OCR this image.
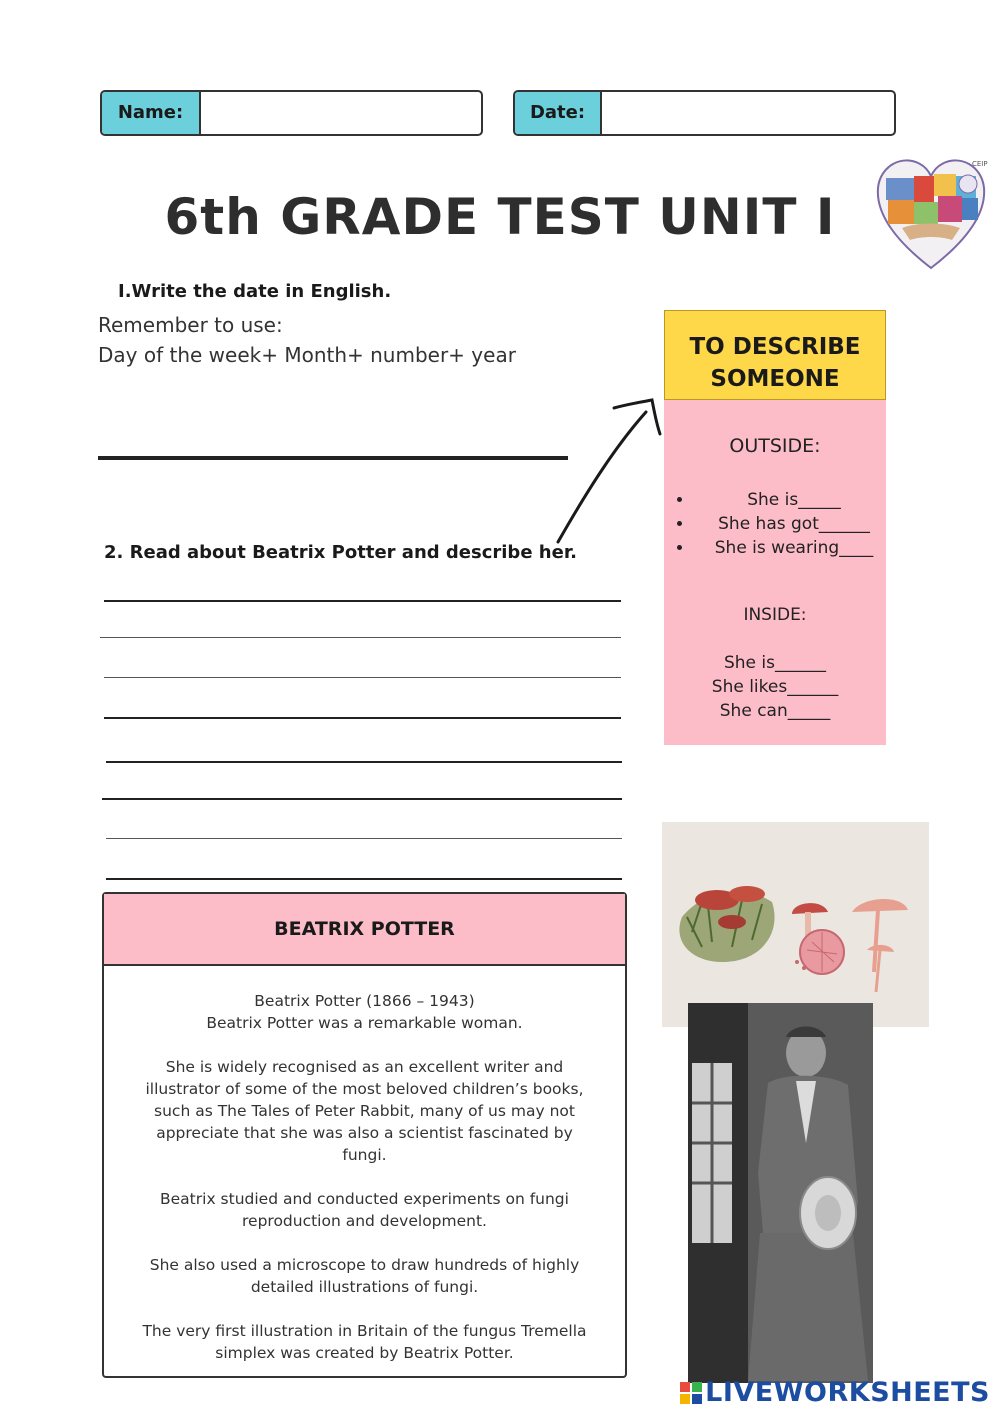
Name:	Date:
CEIP
6th GRADE TEST UNIT I
I.Write the date in English.
Remember to use:
Day of the week+ Month+ number+ year
2. Read about Beatrix Potter and describe her.
TO DESCRIBE
SOMEONE
OUTSIDE:
• She is_____
• She has got______
• She is wearing____
INSIDE:
She is______
She likes______
She can_____
BEATRIX POTTER

Beatrix Potter (1866 – 1943)
Beatrix Potter was a remarkable woman.

She is widely recognised as an excellent writer and illustrator of some of the most beloved children’s books, such as The Tales of Peter Rabbit, many of us may not appreciate that she was also a scientist fascinated by fungi.

Beatrix studied and conducted experiments on fungi reproduction and development.

She also used a microscope to draw hundreds of highly detailed illustrations of fungi.

The very first illustration in Britain of the fungus Tremella simplex was created by Beatrix Potter.

LIVEWORKSHEETS
